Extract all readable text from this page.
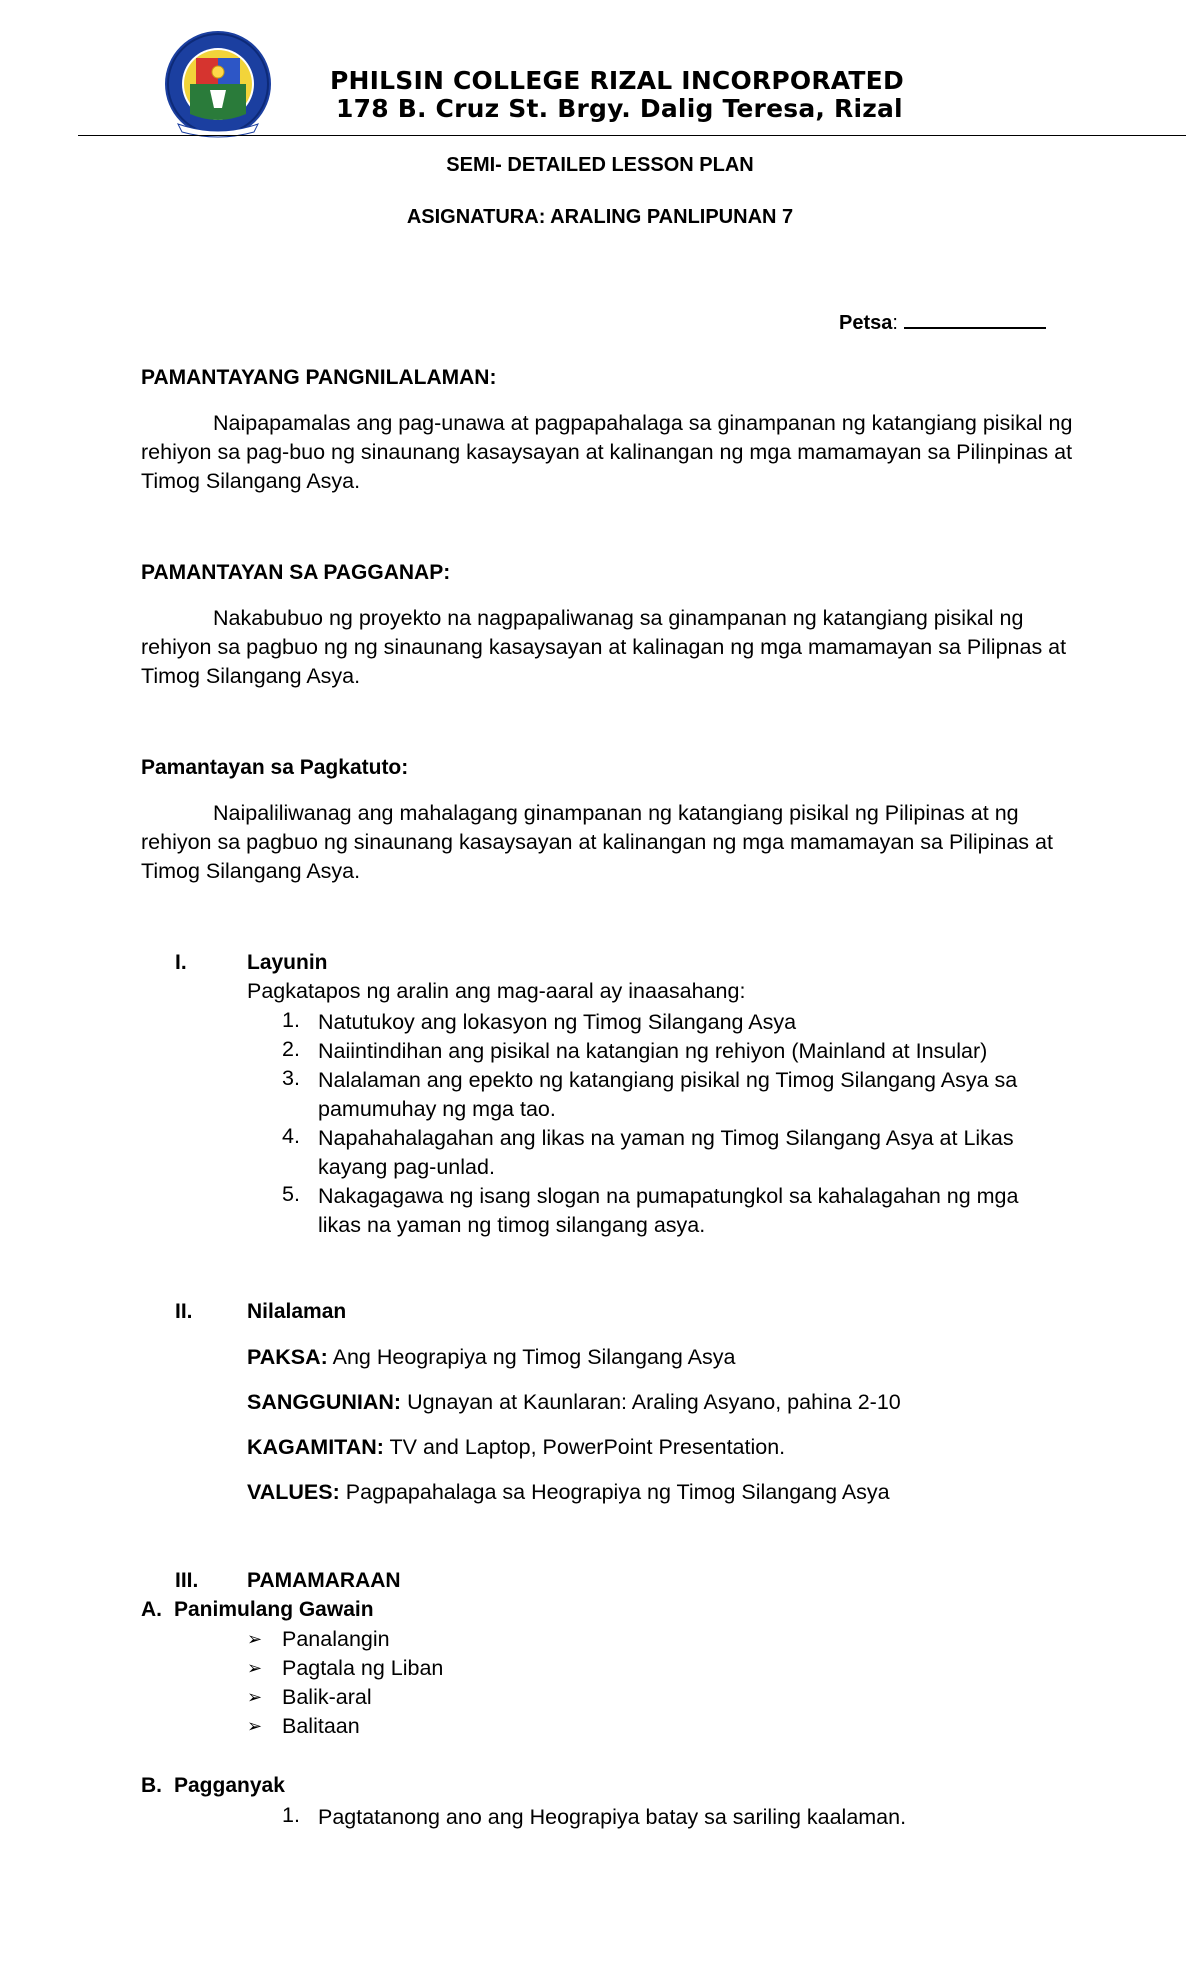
PHILSIN COLLEGE RIZAL INCORPORATED
178 B. Cruz St. Brgy. Dalig Teresa, Rizal
SEMI- DETAILED LESSON PLAN
ASIGNATURA: ARALING PANLIPUNAN 7
Petsa:
PAMANTAYANG PANGNILALAMAN:

Naipapamalas ang pag-unawa at pagpapahalaga sa ginampanan ng katangiang pisikal ng rehiyon sa pag-buo ng sinaunang kasaysayan at kalinangan ng mga mamamayan sa Pilinpinas at Timog Silangang Asya.

PAMANTAYAN SA PAGGANAP:

Nakabubuo ng proyekto na nagpapaliwanag sa ginampanan ng katangiang pisikal ng rehiyon sa pagbuo ng ng sinaunang kasaysayan at kalinagan ng mga mamamayan sa Pilipnas at Timog Silangang Asya.

Pamantayan sa Pagkatuto:

Naipaliliwanag ang mahalagang ginampanan ng katangiang pisikal ng Pilipinas at ng rehiyon sa pagbuo ng sinaunang kasaysayan at kalinangan ng mga mamamayan sa Pilipinas at Timog Silangang Asya.

I.	Layunin
Pagkatapos ng aralin ang mag-aaral ay inaasahang:
1. Natutukoy ang lokasyon ng Timog Silangang Asya
2. Naiintindihan ang pisikal na katangian ng rehiyon (Mainland at Insular)
3. Nalalaman ang epekto ng katangiang pisikal ng Timog Silangang Asya sa pamumuhay ng mga tao.
4. Napahahalagahan ang likas na yaman ng Timog Silangang Asya at Likas kayang pag-unlad.
5. Nakagagawa ng isang slogan na pumapatungkol sa kahalagahan ng mga likas na yaman ng timog silangang asya.
II.	Nilalaman
PAKSA: Ang Heograpiya ng Timog Silangang Asya
SANGGUNIAN: Ugnayan at Kaunlaran: Araling Asyano, pahina 2-10
KAGAMITAN: TV and Laptop, PowerPoint Presentation.
VALUES: Pagpapahalaga sa Heograpiya ng Timog Silangang Asya
III. PAMAMARAAN
A. Panimulang Gawain
➢ Panalangin
➢ Pagtala ng Liban
➢ Balik-aral
➢ Balitaan
B. Pagganyak
1. Pagtatanong ano ang Heograpiya batay sa sariling kaalaman.
